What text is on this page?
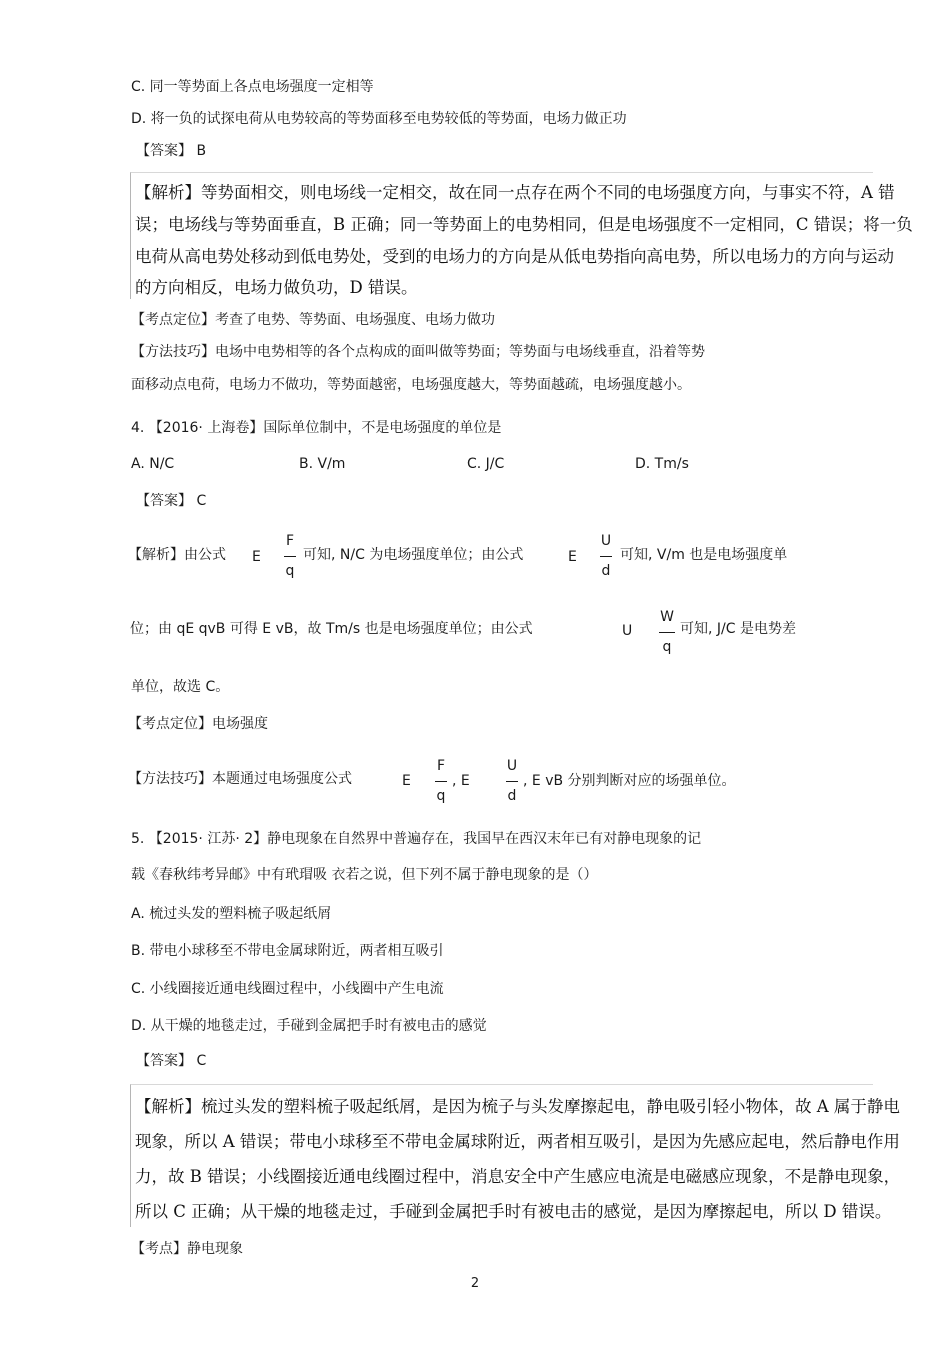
C. 同一等势面上各点电场强度一定相等
D. 将一负的试探电荷从电势较高的等势面移至电势较低的等势面，电场力做正功
【答案】 B
【解析】等势面相交，则电场线一定相交，故在同一点存在两个不同的电场强度方向，与事实不符，A 错
误；电场线与等势面垂直，B 正确；同一等势面上的电势相同，但是电场强度不一定相同，C 错误；将一负
电荷从高电势处移动到低电势处，受到的电场力的方向是从低电势指向高电势，所以电场力的方向与运动
的方向相反，电场力做负功，D 错误。
【考点定位】考查了电势、等势面、电场强度、电场力做功
【方法技巧】电场中电势相等的各个点构成的面叫做等势面；等势面与电场线垂直，沿着等势
面移动点电荷，电场力不做功，等势面越密，电场强度越大，等势面越疏，电场强度越小。
4. 【2016· 上海卷】国际单位制中，不是电场强度的单位是
A. N/C	B. V/m	C. J/C	D. Tm/s
【答案】 C
【解析】由公式 E
F
q
可知, N/C 为电场强度单位；由公式	E
U
d
可知, V/m 也是电场强度单
位；由 qE qvB 可得 E vB，故 Tm/s 也是电场强度单位；由公式	U
W
q
可知, J/C 是电势差
单位，故选 C。
【考点定位】电场强度
【方法技巧】本题通过电场强度公式	E
F
q
, E
U
d
, E vB 分别判断对应的场强单位。
5. 【2015· 江苏· 2】静电现象在自然界中普遍存在，我国早在西汉末年已有对静电现象的记
载《春秋纬考异邮》中有玳瑁吸 衣若之说，但下列不属于静电现象的是（）
A. 梳过头发的塑料梳子吸起纸屑
B. 带电小球移至不带电金属球附近，两者相互吸引
C. 小线圈接近通电线圈过程中，小线圈中产生电流
D. 从干燥的地毯走过，手碰到金属把手时有被电击的感觉
【答案】 C
【解析】梳过头发的塑料梳子吸起纸屑，是因为梳子与头发摩擦起电，静电吸引轻小物体，故 A 属于静电
现象，所以 A 错误；带电小球移至不带电金属球附近，两者相互吸引，是因为先感应起电，然后静电作用
力，故 B 错误；小线圈接近通电线圈过程中，消息安全中产生感应电流是电磁感应现象，不是静电现象，
所以 C 正确；从干燥的地毯走过，手碰到金属把手时有被电击的感觉，是因为摩擦起电，所以 D 错误。
【考点】静电现象
2
